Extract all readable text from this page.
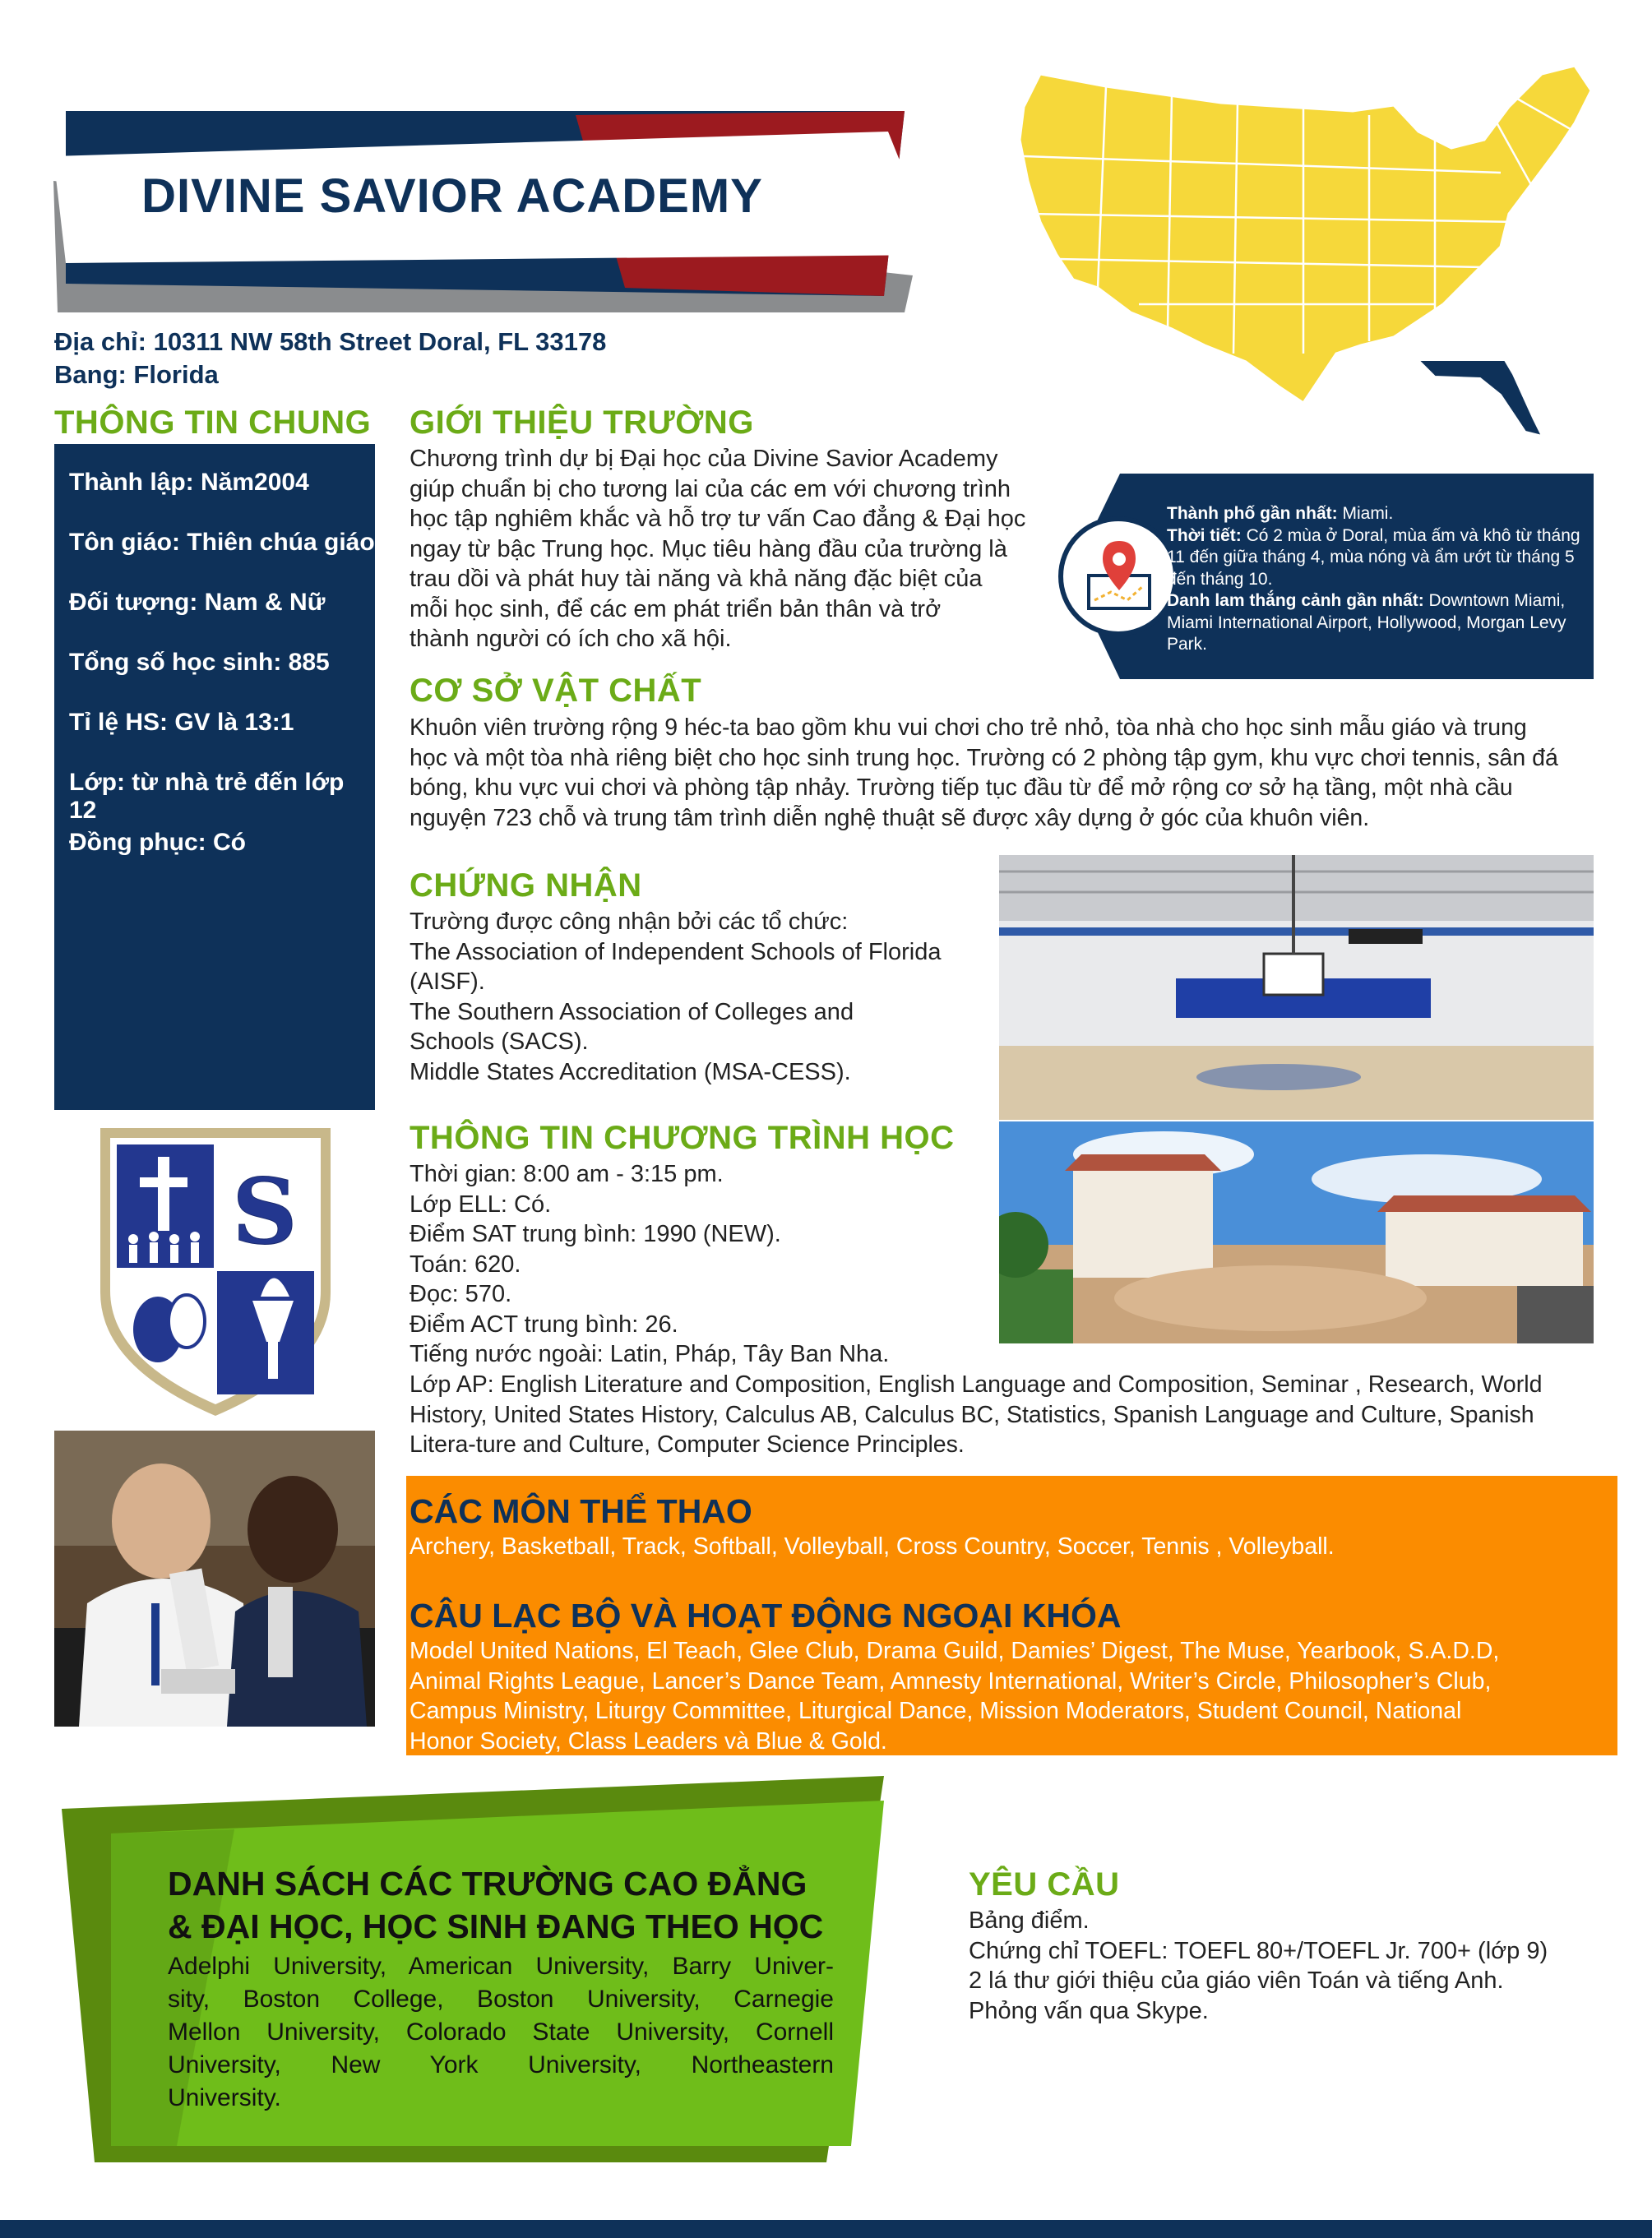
DIVINE SAVIOR ACADEMY
Địa chỉ: 10311 NW 58th Street Doral, FL 33178
Bang: Florida
THÔNG TIN CHUNG
Thành lập: Năm2004
Tôn giáo: Thiên chúa giáo
Đối tượng: Nam & Nữ
Tổng số học sinh: 885
Tỉ lệ HS: GV là 13:1
Lớp: từ nhà trẻ đến lớp 12
Đồng phục: Có
S
GIỚI THIỆU TRƯỜNG
Chương trình dự bị Đại học của Divine Savior Academy
giúp chuẩn bị cho tương lai của các em với chương trình
học tập nghiêm khắc và hỗ trợ tư vấn Cao đẳng & Đại học
ngay từ bậc Trung học. Mục tiêu hàng đầu của trường là
trau dồi và phát huy tài năng và khả năng đặc biệt của
mỗi học sinh, để các em phát triển bản thân và trở
thành người có ích cho xã hội.
Thành phố gần nhất: Miami.
Thời tiết: Có 2 mùa ở Doral, mùa ấm và khô từ tháng
11 đến giữa tháng 4, mùa nóng và ẩm ướt từ tháng 5
đến tháng 10.
Danh lam thắng cảnh gần nhất: Downtown Miami,
Miami International Airport, Hollywood, Morgan Levy
Park.
CƠ SỞ VẬT CHẤT
Khuôn viên trường rộng 9 héc-ta bao gồm khu vui chơi cho trẻ nhỏ, tòa nhà cho học sinh mẫu giáo và trung
học và một tòa nhà riêng biệt cho học sinh trung học. Trường có 2 phòng tập gym, khu vực chơi tennis, sân đá
bóng, khu vực vui chơi và phòng tập nhảy. Trường tiếp tục đầu từ để mở rộng cơ sở hạ tầng, một nhà cầu
nguyện 723 chỗ và trung tâm trình diễn nghệ thuật sẽ được xây dựng ở góc của khuôn viên.
CHỨNG NHẬN
Trường được công nhận bởi các tổ chức:
The Association of Independent Schools of Florida
(AISF).
The Southern Association of Colleges and
Schools (SACS).
Middle States Accreditation (MSA-CESS).
THÔNG TIN CHƯƠNG TRÌNH HỌC
Thời gian: 8:00 am - 3:15 pm.
Lớp ELL: Có.
Điểm SAT trung bình: 1990 (NEW).
Toán: 620.
Đọc: 570.
Điểm ACT trung bình: 26.
Tiếng nước ngoài: Latin, Pháp, Tây Ban Nha.
Lớp AP: English Literature and Composition, English Language and Composition, Seminar , Research, World
History, United States History, Calculus AB, Calculus BC, Statistics, Spanish Language and Culture, Spanish
Litera-ture and Culture, Computer Science Principles.
CÁC MÔN THỂ THAO
Archery, Basketball, Track, Softball, Volleyball, Cross Country, Soccer, Tennis , Volleyball.
CÂU LẠC BỘ VÀ HOẠT ĐỘNG NGOẠI KHÓA
Model United Nations, El Teach, Glee Club, Drama Guild, Damies’ Digest, The Muse, Yearbook, S.A.D.D,
Animal Rights League, Lancer’s Dance Team, Amnesty International, Writer’s Circle, Philosopher’s Club,
Campus Ministry, Liturgy Committee, Liturgical Dance, Mission Moderators, Student Council, National
Honor Society, Class Leaders và Blue & Gold.
DANH SÁCH CÁC TRƯỜNG CAO ĐẲNG
& ĐẠI HỌC, HỌC SINH ĐANG THEO HỌC
Adelphi University, American University, Barry Univer-
sity, Boston College, Boston University, Carnegie
Mellon University, Colorado State University, Cornell
University, New York University, Northeastern
University.
YÊU CẦU
Bảng điểm.
Chứng chỉ TOEFL: TOEFL 80+/TOEFL Jr. 700+ (lớp 9)
2 lá thư giới thiệu của giáo viên Toán và tiếng Anh.
Phỏng vấn qua Skype.
